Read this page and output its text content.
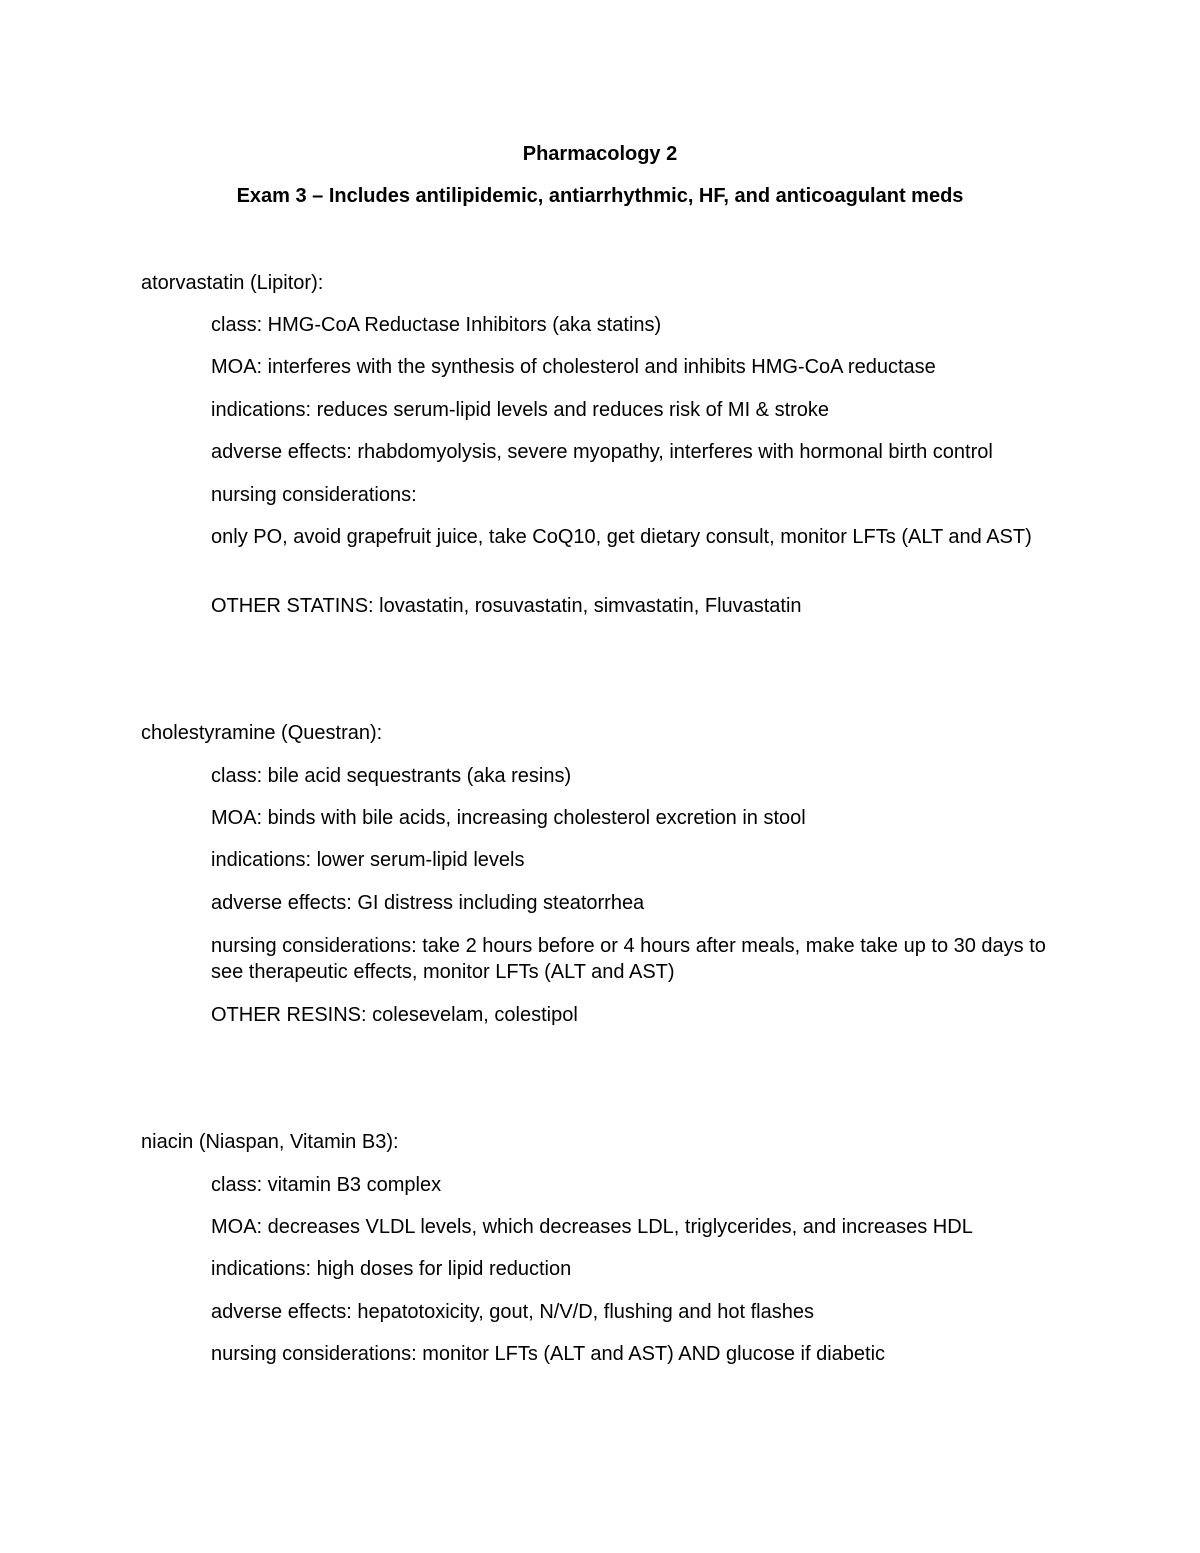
Pharmacology 2
Exam 3 – Includes antilipidemic, antiarrhythmic, HF, and anticoagulant meds
atorvastatin (Lipitor):
class: HMG-CoA Reductase Inhibitors (aka statins)
MOA: interferes with the synthesis of cholesterol and inhibits HMG-CoA reductase
indications: reduces serum-lipid levels and reduces risk of MI & stroke
adverse effects: rhabdomyolysis, severe myopathy, interferes with hormonal birth control
nursing considerations:
only PO, avoid grapefruit juice, take CoQ10, get dietary consult, monitor LFTs (ALT and AST)
OTHER STATINS: lovastatin, rosuvastatin, simvastatin, Fluvastatin
cholestyramine (Questran):
class: bile acid sequestrants (aka resins)
MOA: binds with bile acids, increasing cholesterol excretion in stool
indications: lower serum-lipid levels
adverse effects: GI distress including steatorrhea
nursing considerations: take 2 hours before or 4 hours after meals, make take up to 30 days to see therapeutic effects, monitor LFTs (ALT and AST)
OTHER RESINS: colesevelam, colestipol
niacin (Niaspan, Vitamin B3):
class: vitamin B3 complex
MOA: decreases VLDL levels, which decreases LDL, triglycerides, and increases HDL
indications: high doses for lipid reduction
adverse effects: hepatotoxicity, gout, N/V/D, flushing and hot flashes
nursing considerations: monitor LFTs (ALT and AST) AND glucose if diabetic
